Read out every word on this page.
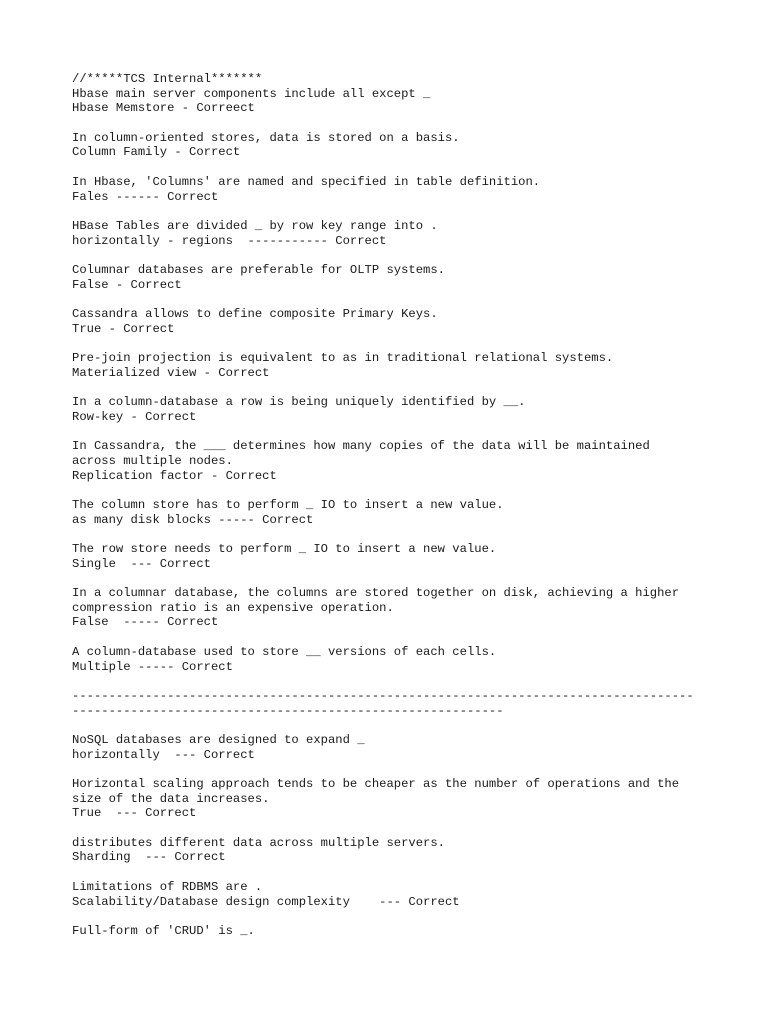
//*****TCS Internal*******
Hbase main server components include all except _
Hbase Memstore - Correect
In column-oriented stores, data is stored on a basis.
Column Family - Correct
In Hbase, 'Columns' are named and specified in table definition.
Fales ------ Correct
HBase Tables are divided _ by row key range into .
horizontally - regions  ----------- Correct
Columnar databases are preferable for OLTP systems.
False - Correct
Cassandra allows to define composite Primary Keys.
True - Correct
Pre-join projection is equivalent to as in traditional relational systems.
Materialized view - Correct
In a column-database a row is being uniquely identified by __.
Row-key - Correct
In Cassandra, the ___ determines how many copies of the data will be maintained
across multiple nodes.
Replication factor - Correct
The column store has to perform _ IO to insert a new value.
as many disk blocks ----- Correct
The row store needs to perform _ IO to insert a new value.
Single  --- Correct
In a columnar database, the columns are stored together on disk, achieving a higher
compression ratio is an expensive operation.
False  ----- Correct
A column-database used to store __ versions of each cells.
Multiple ----- Correct
-------------------------------------------------------------------------------------
-----------------------------------------------------------
NoSQL databases are designed to expand _
horizontally  --- Correct
Horizontal scaling approach tends to be cheaper as the number of operations and the
size of the data increases.
True  --- Correct
distributes different data across multiple servers.
Sharding  --- Correct
Limitations of RDBMS are .
Scalability/Database design complexity    --- Correct
Full-form of 'CRUD' is _.
